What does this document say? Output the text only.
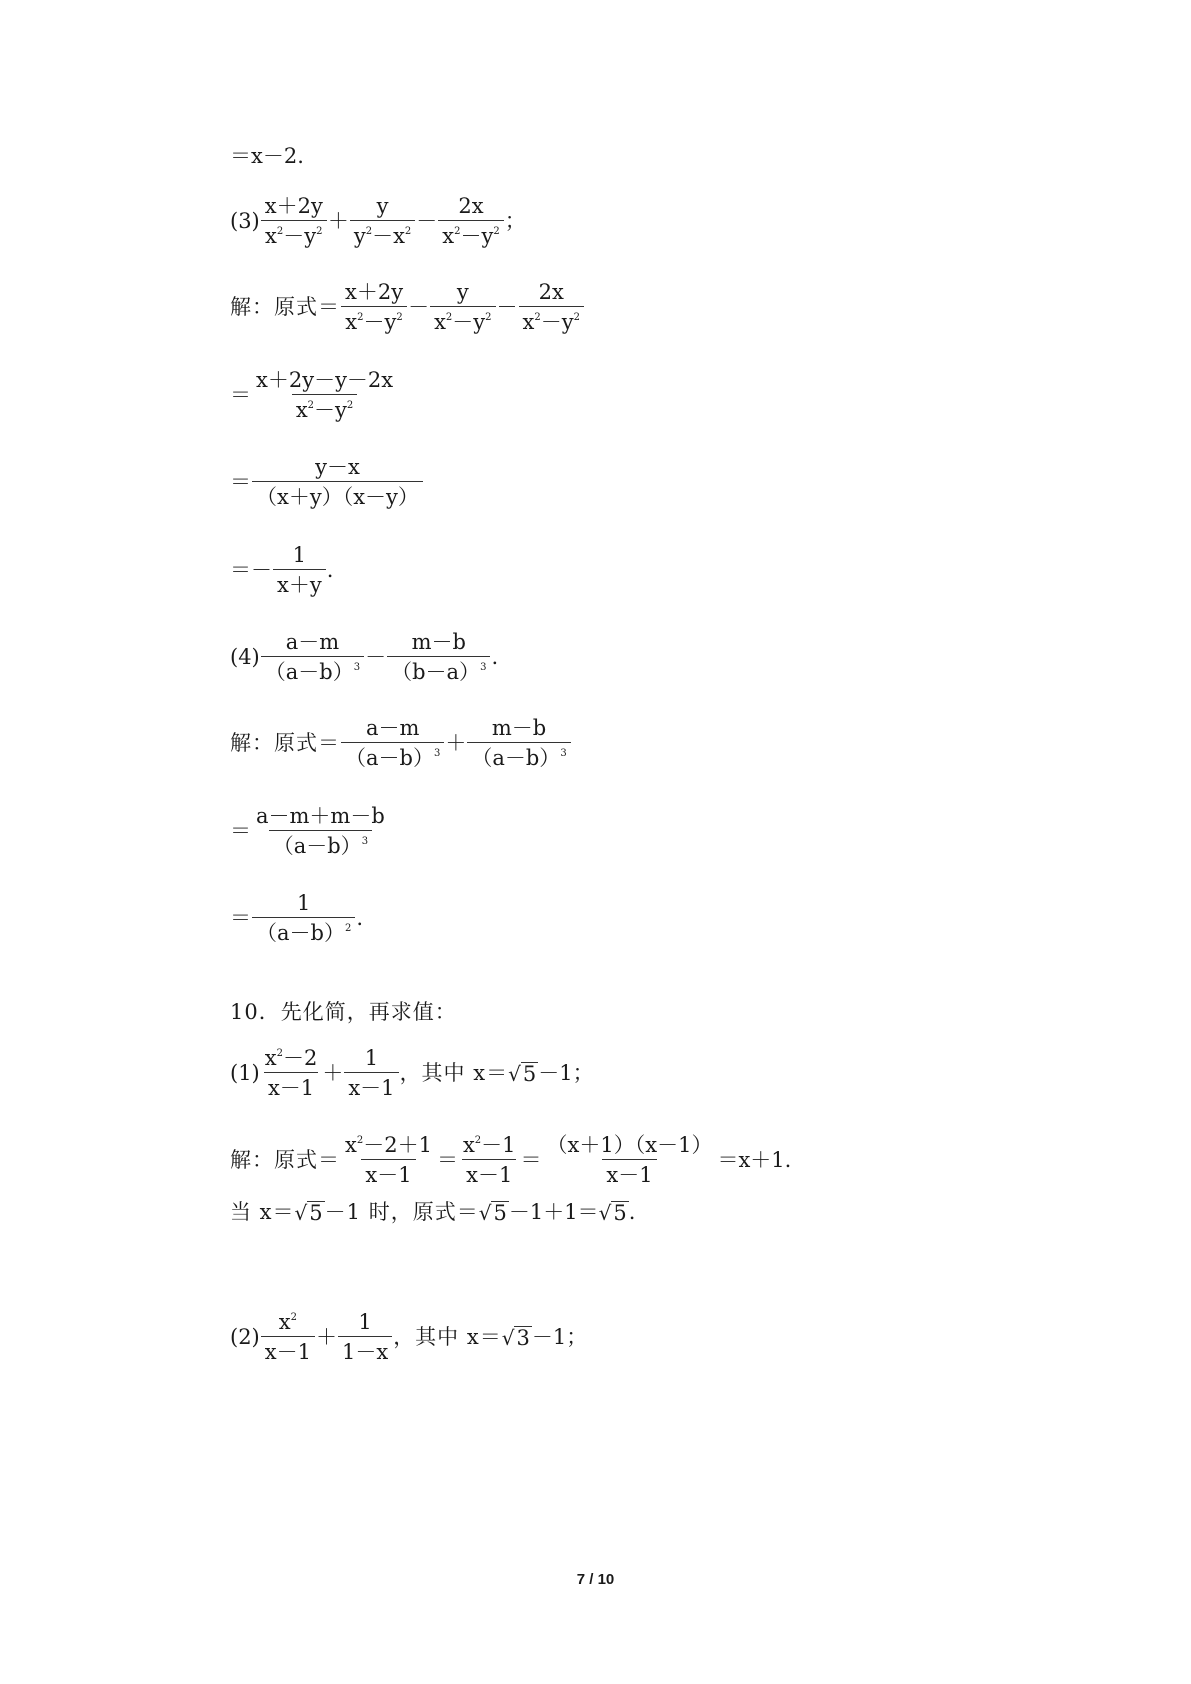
＝x－2.
$(3) \frac{x+2y}{x^2-y^2} + \frac{y}{y^2-x^2} - \frac{2x}{x^2-y^2}$ ；
解：原式＝ $\frac{x+2y}{x^2-y^2} - \frac{y}{x^2-y^2} - \frac{2x}{x^2-y^2}$
＝ $\frac{x+2y-y-2x}{x^2-y^2}$
＝ $\frac{y-x}{(x+y)(x-y)}$
＝－ $\frac{1}{x+y}$ .
$(4) \frac{a-m}{(a-b)^3} - \frac{m-b}{(b-a)^3}$ .
解：原式＝ $\frac{a-m}{(a-b)^3} + \frac{m-b}{(a-b)^3}$
＝ $\frac{a-m+m-b}{(a-b)^3}$
＝ $\frac{1}{(a-b)^2}$ .
10．先化简，再求值：
$(1) \frac{x^2-2}{x-1} + \frac{1}{x-1}$ ，其中 x＝ √ 5 －1；
解：原式＝ $\frac{x^2-2+1}{x-1} = \frac{x^2-1}{x-1} = \frac{(x+1)(x-1)}{x-1} =x+1$.
当 x＝ √ 5 －1 时，原式＝ √ 5 －1＋1＝ √ 5 .
$(2) \frac{x^2}{x-1} + \frac{1}{1-x}$ ，其中 x＝ √ 3 －1；
7 / 10
